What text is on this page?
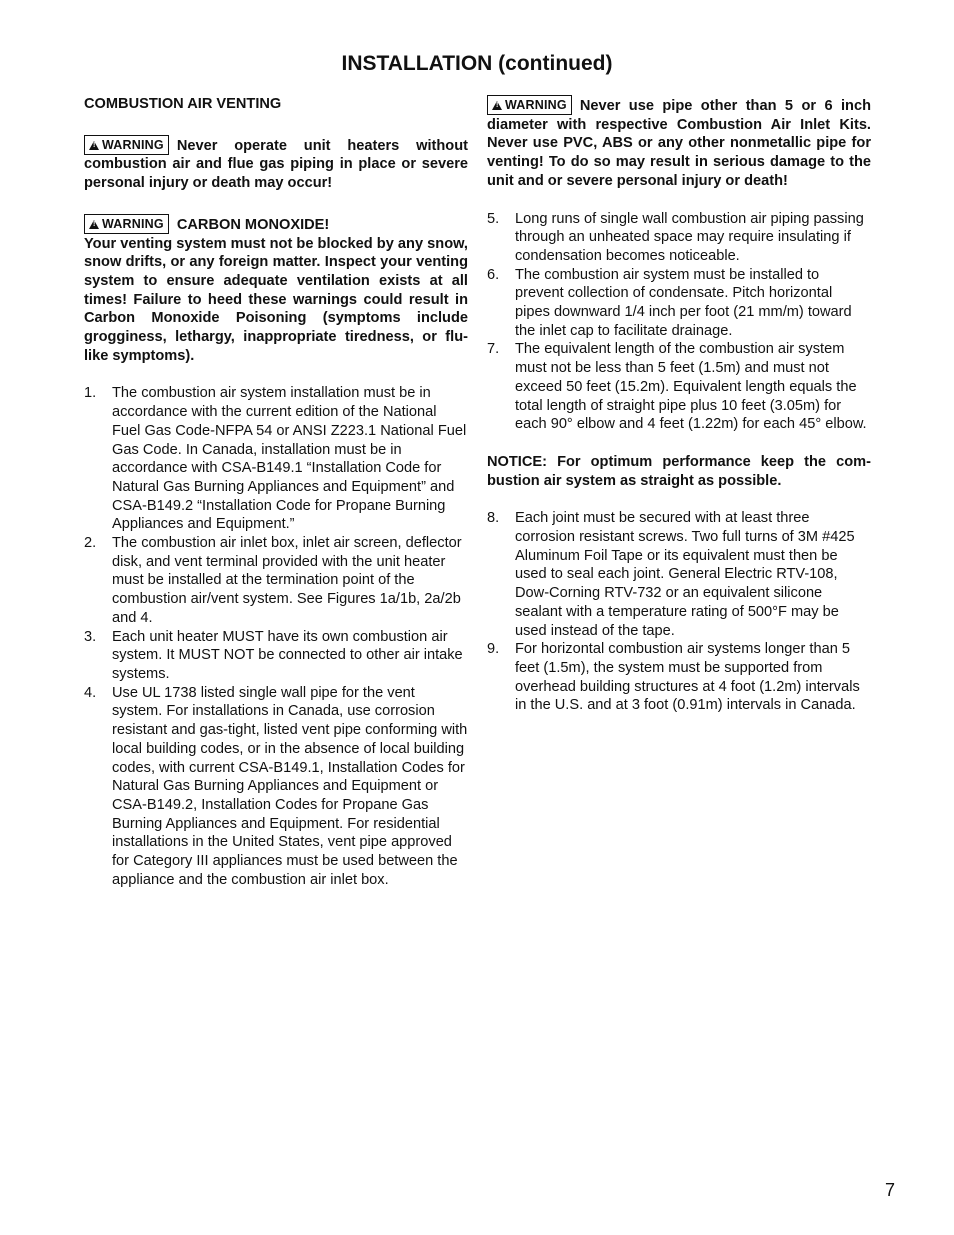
INSTALLATION (continued)

COMBUSTION AIR VENTING

! WARNING Never operate unit heaters without combustion air and flue gas piping in place or severe personal injury or death may occur!

! WARNING CARBON MONOXIDE!

Your venting system must not be blocked by any snow, snow drifts, or any foreign matter. Inspect your venting system to ensure adequate ventilation exists at all times! Failure to heed these warnings could result in Carbon Monoxide Poisoning (symptoms include grogginess, lethargy, inappropriate tiredness, or flu-like symptoms).

1. The combustion air system installation must be in accordance with the current edition of the National Fuel Gas Code-NFPA 54 or ANSI Z223.1 National Fuel Gas Code. In Canada, installation must be in accordance with CSA-B149.1 “Installation Code for Natural Gas Burning Appliances and Equipment” and CSA-B149.2 “Installation Code for Propane Burning Appliances and Equipment.”
2. The combustion air inlet box, inlet air screen, deflector disk, and vent terminal provided with the unit heater must be installed at the termination point of the combustion air/vent system. See Figures 1a/1b, 2a/2b and 4.
3. Each unit heater MUST have its own combustion air system. It MUST NOT be connected to other air intake systems.
4. Use UL 1738 listed single wall pipe for the vent system. For installations in Canada, use corrosion resistant and gas-tight, listed vent pipe conforming with local building codes, or in the absence of local building codes, with current CSA-B149.1, Installation Codes for Natural Gas Burning Appliances and Equipment or CSA-B149.2, Installation Codes for Propane Gas Burning Appliances and Equipment. For residential installations in the United States, vent pipe approved for Category III appliances must be used between the appliance and the combustion air inlet box.

! WARNING Never use pipe other than 5 or 6 inch diameter with respective Combustion Air Inlet Kits. Never use PVC, ABS or any other nonmetallic pipe for venting! To do so may result in serious damage to the unit and or severe personal injury or death!

5. Long runs of single wall combustion air piping passing through an unheated space may require insulating if condensation becomes noticeable.
6. The combustion air system must be installed to prevent collection of condensate. Pitch horizontal pipes downward 1/4 inch per foot (21 mm/m) toward the inlet cap to facilitate drainage.
7. The equivalent length of the combustion air system must not be less than 5 feet (1.5m) and must not exceed 50 feet (15.2m). Equivalent length equals the total length of straight pipe plus 10 feet (3.05m) for each 90° elbow and 4 feet (1.22m) for each 45° elbow.

NOTICE: For optimum performance keep the combustion air system as straight as possible.

8. Each joint must be secured with at least three corrosion resistant screws. Two full turns of 3M #425 Aluminum Foil Tape or its equivalent must then be used to seal each joint. General Electric RTV-108, Dow-Corning RTV-732 or an equivalent silicone sealant with a temperature rating of 500°F may be used instead of the tape.
9. For horizontal combustion air systems longer than 5 feet (1.5m), the system must be supported from overhead building structures at 4 foot (1.2m) intervals in the U.S. and at 3 foot (0.91m) intervals in Canada.
7
